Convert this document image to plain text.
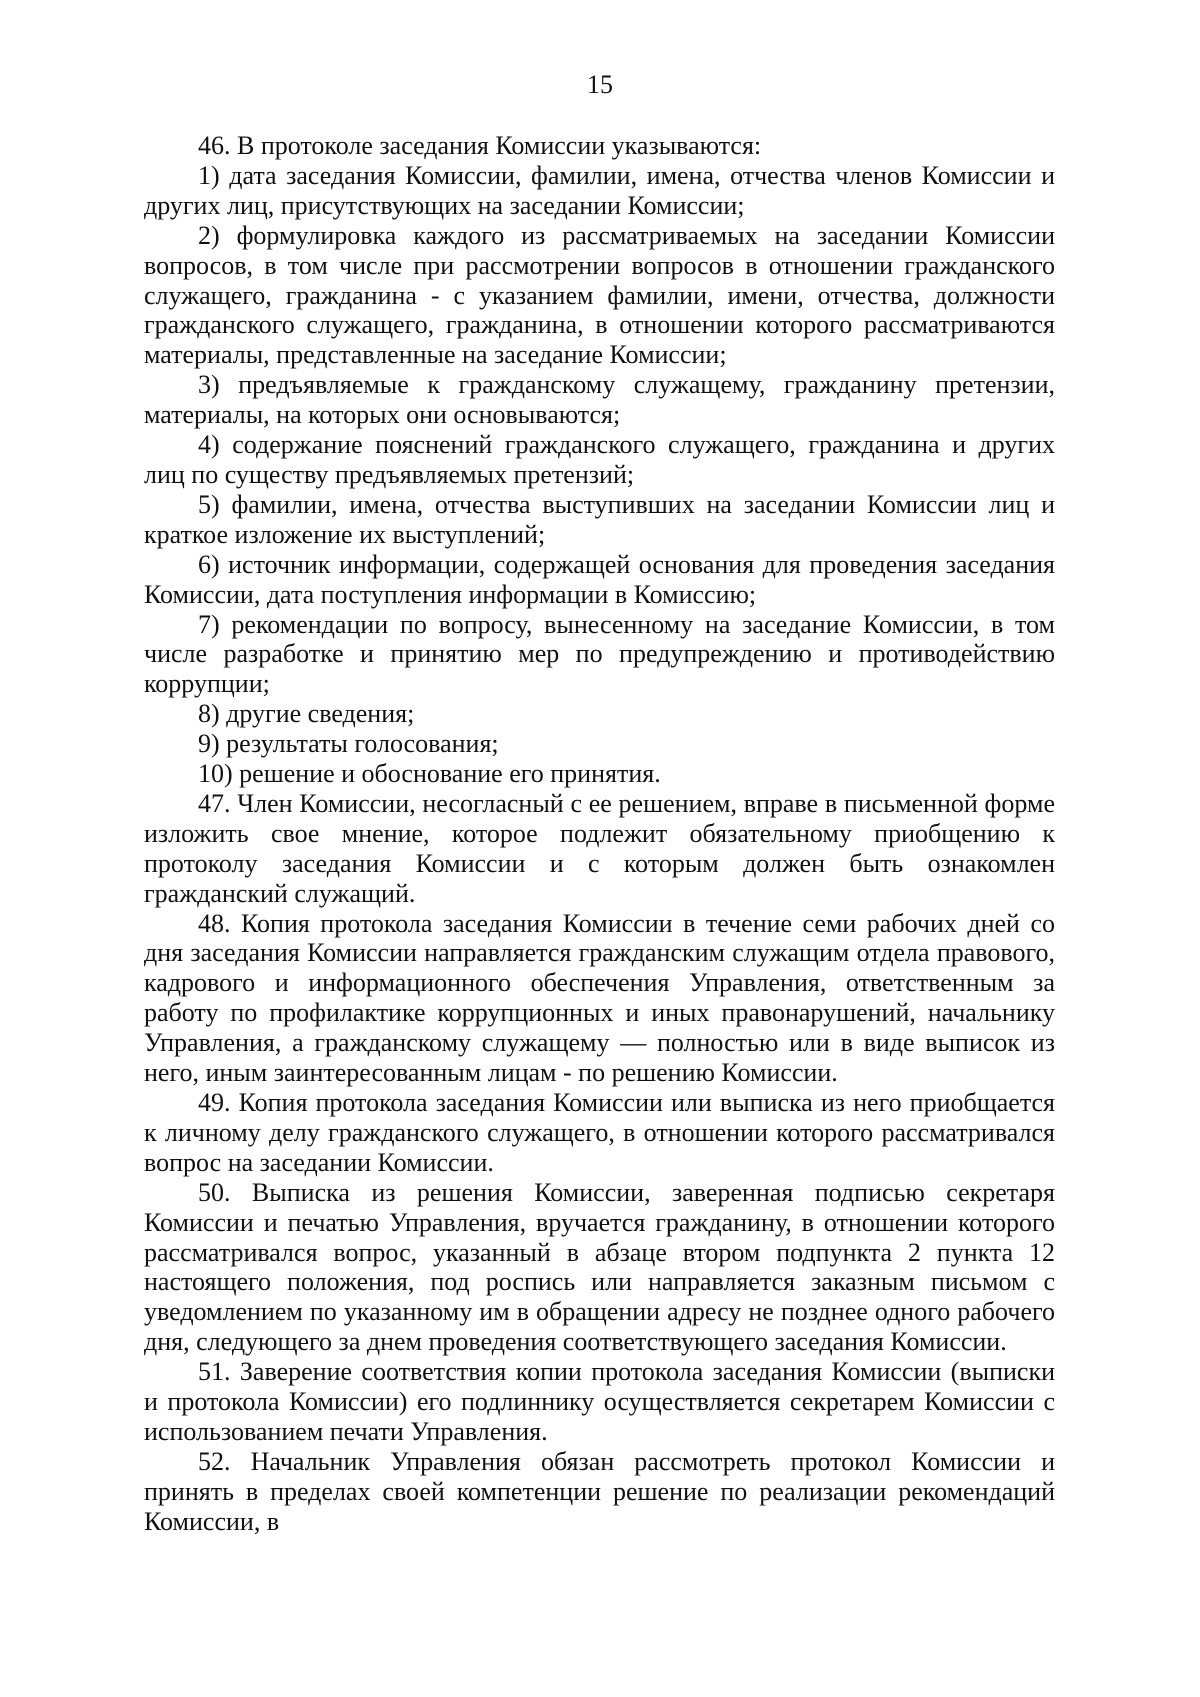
15

46. В протоколе заседания Комиссии указываются:

1) дата заседания Комиссии, фамилии, имена, отчества членов Комиссии и других лиц, присутствующих на заседании Комиссии;

2) формулировка каждого из рассматриваемых на заседании Комиссии вопросов, в том числе при рассмотрении вопросов в отношении гражданского служащего, гражданина - с указанием фамилии, имени, отчества, должности гражданского служащего, гражданина, в отношении которого рассматриваются материалы, представленные на заседание Комиссии;

3) предъявляемые к гражданскому служащему, гражданину претензии, материалы, на которых они основываются;

4) содержание пояснений гражданского служащего, гражданина и других лиц по существу предъявляемых претензий;

5) фамилии, имена, отчества выступивших на заседании Комиссии лиц и краткое изложение их выступлений;

6) источник информации, содержащей основания для проведения заседания Комиссии, дата поступления информации в Комиссию;

7) рекомендации по вопросу, вынесенному на заседание Комиссии, в том числе разработке и принятию мер по предупреждению и противодействию коррупции;

8) другие сведения;

9) результаты голосования;

10) решение и обоснование его принятия.

47. Член Комиссии, несогласный с ее решением, вправе в письменной форме изложить свое мнение, которое подлежит обязательному приобщению к протоколу заседания Комиссии и с которым должен быть ознакомлен гражданский служащий.

48. Копия протокола заседания Комиссии в течение семи рабочих дней со дня заседания Комиссии направляется гражданским служащим отдела правового, кадрового и информационного обеспечения Управления, ответственным за работу по профилактике коррупционных и иных правонарушений, начальнику Управления, а гражданскому служащему — полностью или в виде выписок из него, иным заинтересованным лицам - по решению Комиссии.

49. Копия протокола заседания Комиссии или выписка из него приобщается к личному делу гражданского служащего, в отношении которого рассматривался вопрос на заседании Комиссии.

50. Выписка из решения Комиссии, заверенная подписью секретаря Комиссии и печатью Управления, вручается гражданину, в отношении которого рассматривался вопрос, указанный в абзаце втором подпункта 2 пункта 12 настоящего положения, под роспись или направляется заказным письмом с уведомлением по указанному им в обращении адресу не позднее одного рабочего дня, следующего за днем проведения соответствующего заседания Комиссии.

51. Заверение соответствия копии протокола заседания Комиссии (выписки и протокола Комиссии) его подлиннику осуществляется секретарем Комиссии с использованием печати Управления.

52. Начальник Управления обязан рассмотреть протокол Комиссии и принять в пределах своей компетенции решение по реализации рекомендаций Комиссии, в
